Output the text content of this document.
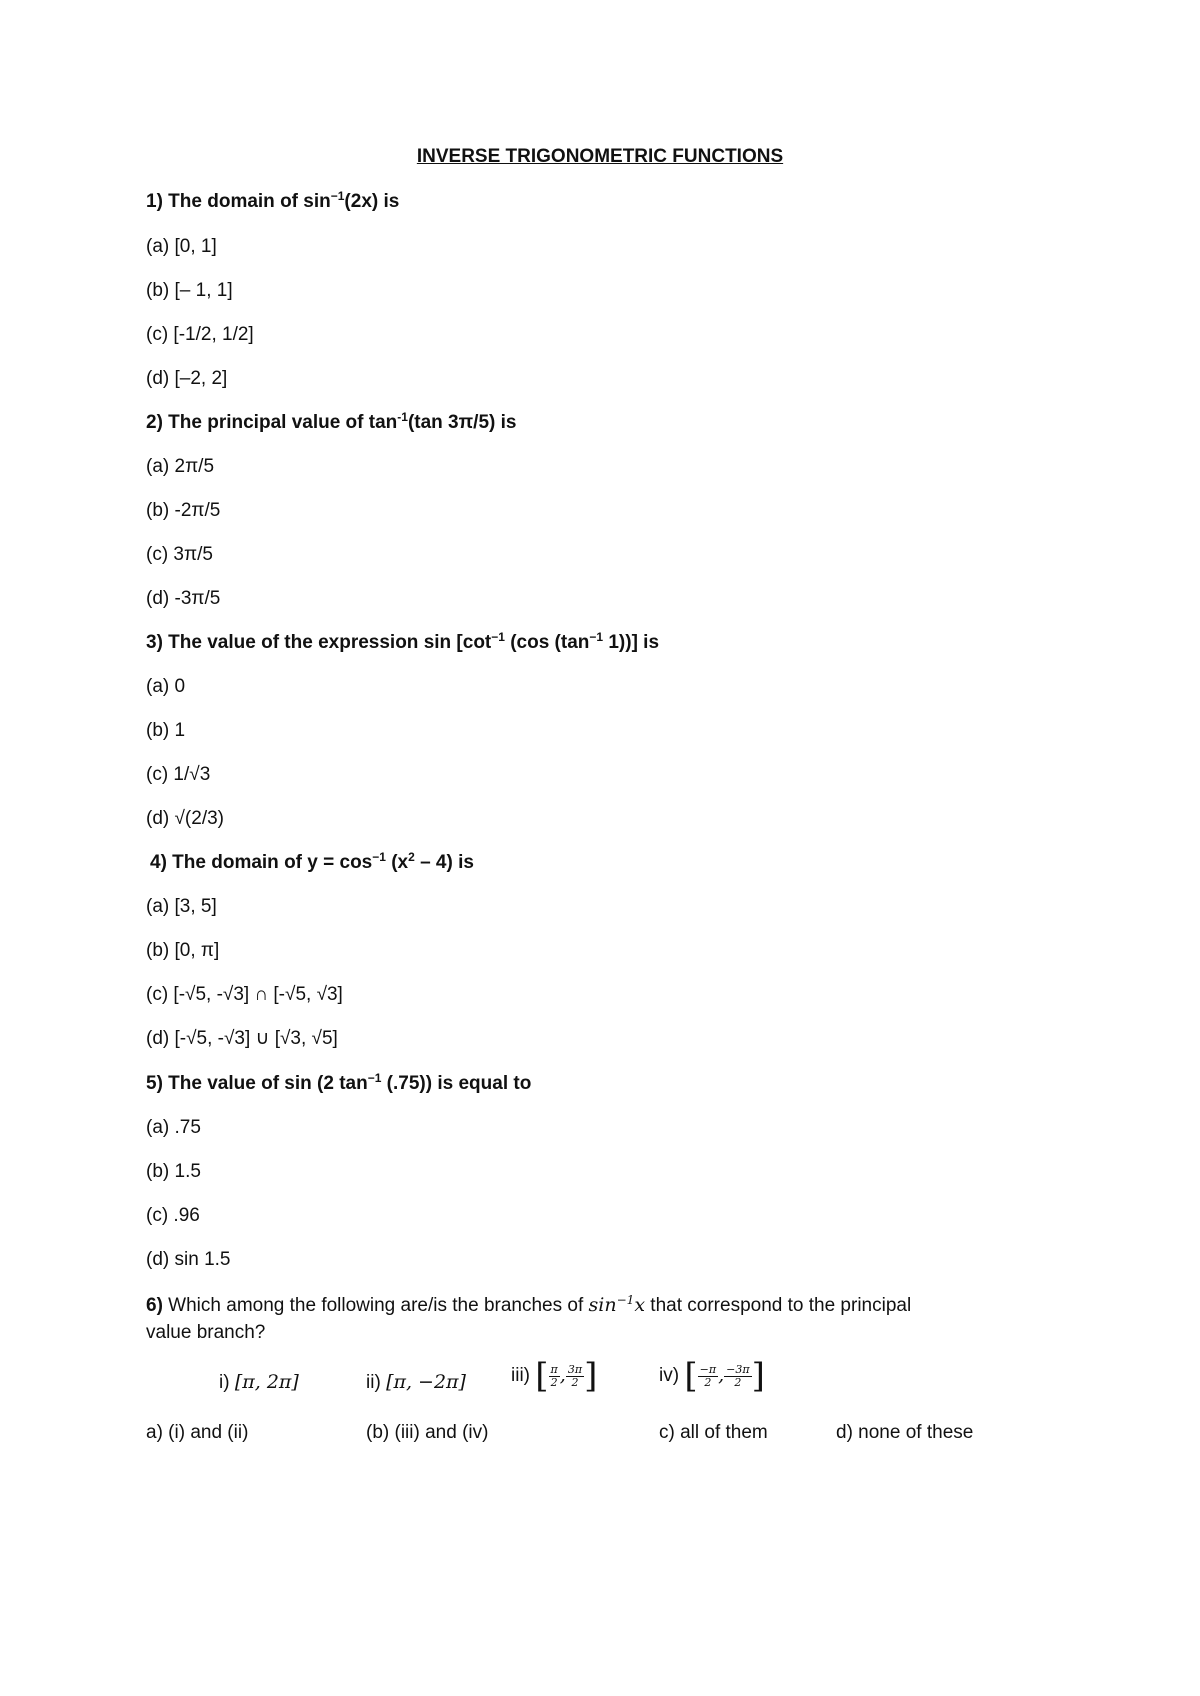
INVERSE TRIGONOMETRIC FUNCTIONS
1) The domain of $\sin^{-1}(2x)$ is
(a) [0, 1]
(b) [– 1, 1]
(c) [-1/2, 1/2]
(d) [–2, 2]
2) The principal value of $\tan^{-1}(\tan$ 3π/5) is
(a) 2π/5
(b) -2π/5
(c) 3π/5
(d) -3π/5
3) The value of the expression $\sin [\cot^{-1}$ (cos ($\tan^{-1}$ 1))] is
(a) 0
(b) 1
(c) 1/√3
(d) √(2/3)
4) The domain of $y = \cos^{-1} (x^2 - 4)$ is
(a) [3, 5]
(b) [0, π]
(c) [-√5, -√3] ∩ [-√5, √3]
(d) [-√5, -√3] ∪ [√3, √5]
5) The value of sin (2 $\tan^{-1} (.75)$) is equal to
(a) .75
(b) 1.5
(c) .96
(d) sin 1.5
6) Which among the following are/is the branches of $\sin^{-1}x$ that correspond to the principal
value branch?
i) [π, 2π]	ii) [π, −2π] iii) [ $\frac{\pi}{2}$ , $\frac{3\pi}{2}$ ]	iv) [ $\frac{-\pi}{2}$ , $\frac{-3\pi}{2}$ ]
a) (i) and (ii)	(b) (iii) and (iv)	c) all of them	d) none of these
